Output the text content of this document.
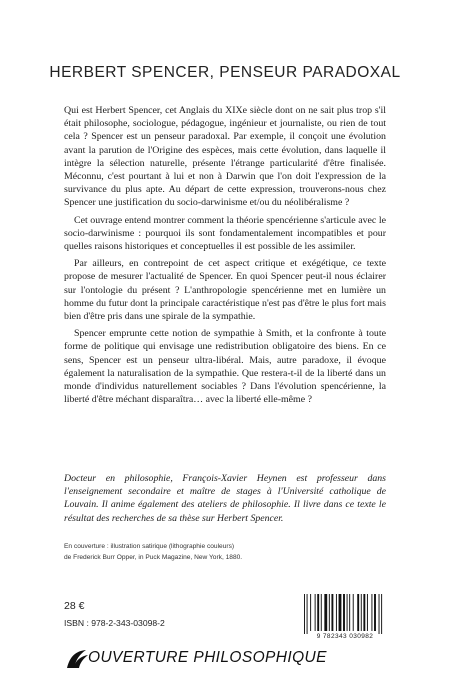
HERBERT SPENCER, PENSEUR PARADOXAL

Qui est Herbert Spencer, cet Anglais du XIXe siècle dont on ne sait plus trop s'il était philosophe, sociologue, pédagogue, ingénieur et journaliste, ou rien de tout cela ? Spencer est un penseur paradoxal. Par exemple, il conçoit une évolution avant la parution de l'Origine des espèces, mais cette évolution, dans laquelle il intègre la sélection naturelle, présente l'étrange particularité d'être finalisée. Méconnu, c'est pourtant à lui et non à Darwin que l'on doit l'expression de la survivance du plus apte. Au départ de cette expression, trouverons-nous chez Spencer une justification du socio-darwinisme et/ou du néolibéralisme ?

Cet ouvrage entend montrer comment la théorie spencérienne s'articule avec le socio-darwinisme : pourquoi ils sont fondamentalement incompatibles et pour quelles raisons historiques et conceptuelles il est possible de les assimiler.

Par ailleurs, en contrepoint de cet aspect critique et exégétique, ce texte propose de mesurer l'actualité de Spencer. En quoi Spencer peut-il nous éclairer sur l'ontologie du présent ? L'anthropologie spencérienne met en lumière un homme du futur dont la principale caractéristique n'est pas d'être le plus fort mais bien d'être pris dans une spirale de la sympathie.

Spencer emprunte cette notion de sympathie à Smith, et la confronte à toute forme de politique qui envisage une redistribution obligatoire des biens. En ce sens, Spencer est un penseur ultra-libéral. Mais, autre paradoxe, il évoque également la naturalisation de la sympathie. Que restera-t-il de la liberté dans un monde d'individus naturellement sociables ? Dans l'évolution spencérienne, la liberté d'être méchant disparaîtra… avec la liberté elle-même ?

Docteur en philosophie, François-Xavier Heynen est professeur dans l'enseignement secondaire et maître de stages à l'Université catholique de Louvain. Il anime également des ateliers de philosophie. Il livre dans ce texte le résultat des recherches de sa thèse sur Herbert Spencer.

En couverture : illustration satirique (lithographie couleurs)

de Frederick Burr Opper, in Puck Magazine, New York, 1880.

28 €
ISBN : 978-2-343-03098-2
9 782343 030982
OUVERTURE PHILOSOPHIQUE
